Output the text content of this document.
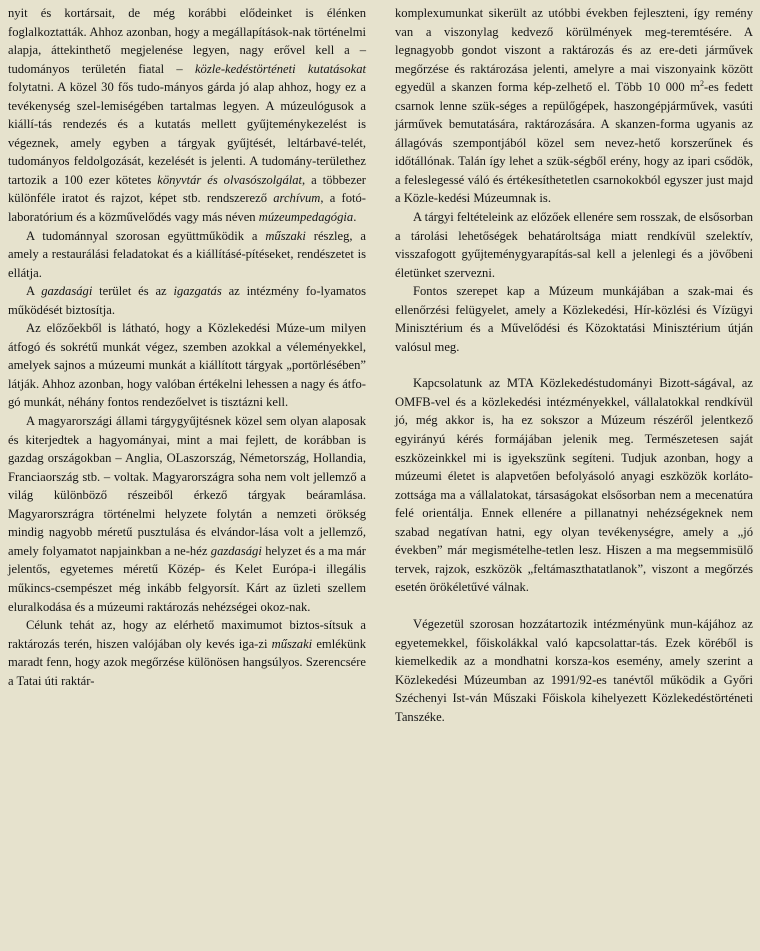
nyit és kortársait, de még korábbi elődeinket is élénken foglalkoztatták. Ahhoz azonban, hogy a megállapítások-nak történelmi alapja, áttekinthető megjelenése legyen, nagy erővel kell a – tudományos területén fiatal – közle-kedéstörténeti kutatásokat folytatni. A közel 30 fős tudo-mányos gárda jó alap ahhoz, hogy ez a tevékenység szel-lemiségében tartalmas legyen. A múzeulógusok a kiállí-tás rendezés és a kutatás mellett gyűjteménykezelést is végeznek, amely egyben a tárgyak gyűjtését, leltárbavé-telét, tudományos feldolgozását, kezelését is jelenti. A tudomány-területhez tartozik a 100 ezer kötetes könyvtár és olvasószolgálat, a többezer különféle iratot és rajzot, képet stb. rendszerező archívum, a fotó-laboratórium és a közművelődés vagy más néven múzeumpedagógia.

A tudománnyal szorosan együttműködik a műszaki részleg, a amely a restaurálási feladatokat és a kiállításé-pítéseket, rendészetet is ellátja.

A gazdasági terület és az igazgatás az intézmény fo-lyamatos működését biztosítja.

Az előzőekből is látható, hogy a Közlekedési Múze-um milyen átfogó és sokrétű munkát végez, szemben azokkal a véleményekkel, amelyek sajnos a múzeumi munkát a kiállított tárgyak „portörlésében” látják. Ahhoz azonban, hogy valóban értékelni lehessen a nagy és átfo-gó munkát, néhány fontos rendezőelvet is tisztázni kell.

A magyarországi állami tárgygyűjtésnek közel sem olyan alaposak és kiterjedtek a hagyományai, mint a mai fejlett, de korábban is gazdag országokban – Anglia, OLaszország, Németország, Hollandia, Franciaország stb. – voltak. Magyarországra soha nem volt jellemző a világ különböző részeiből érkező tárgyak beáramlása. Magyarorszrágra történelmi helyzete folytán a nemzeti örökség mindig nagyobb méretű pusztulása és elvándor-lása volt a jellemző, amely folyamatot napjainkban a ne-héz gazdasági helyzet és a ma már jelentős, egyetemes méretű Közép- és Kelet Európa-i illegális műkincs-csempészet még inkább felgyorsít. Kárt az üzleti szellem eluralkodása és a múzeumi raktározás nehézségei okoz-nak.

Célunk tehát az, hogy az elérhető maximumot biztos-sítsuk a raktározás terén, hiszen valójában oly kevés iga-zi műszaki emlékünk maradt fenn, hogy azok megőrzése különösen hangsúlyos. Szerencsére a Tatai úti raktár-

komplexumunkat sikerült az utóbbi években fejleszteni, így remény van a viszonylag kedvező körülmények meg-teremtésére. A legnagyobb gondot viszont a raktározás és az ere-deti járművek megőrzése és raktározása jelenti, amelyre a mai viszonyaink között egyedül a skanzen forma kép-zelhető el. Több 10 000 $m^2-es$ fedett csarnok lenne szük-séges a repülőgépek, haszongépjárművek, vasúti járművek bemutatására, raktározására. A skanzen-forma ugyanis az állagóvás szempontjából közel sem nevez-hető korszerűnek és időtállónak. Talán így lehet a szük-ségből erény, hogy az ipari csődök, a feleslegessé váló és értékesíthetetlen csarnokokból egyszer just majd a Közle-kedési Múzeumnak is.

A tárgyi feltételeink az előzőek ellenére sem rosszak, de elsősorban a tárolási lehetőségek behatároltsága miatt rendkívül szelektív, visszafogott gyűjteménygyarapítás-sal kell a jelenlegi és a jövőbeni életünket szervezni.

Fontos szerepet kap a Múzeum munkájában a szak-mai és ellenőrzési felügyelet, amely a Közlekedési, Hír-közlési és Vízügyi Minisztérium és a Művelődési és Közoktatási Minisztérium útján valósul meg.

Kapcsolatunk az MTA Közlekedéstudományi Bizott-ságával, az OMFB-vel és a közlekedési intézményekkel, vállalatokkal rendkívül jó, még akkor is, ha ez sokszor a Múzeum részéről jelentkező egyirányú kérés formájában jelenik meg. Természetesen saját eszközeinkkel mi is igyekszünk segíteni. Tudjuk azonban, hogy a múzeumi életet is alapvetően befolyásoló anyagi eszközök korláto-zottsága ma a vállalatokat, társaságokat elsősorban nem a mecenatúra felé orientálja. Ennek ellenére a pillanatnyi nehézségeknek nem szabad negatívan hatni, egy olyan tevékenységre, amely a „jó években” már megismételhe-tetlen lesz. Hiszen a ma megsemmisülő tervek, rajzok, eszközök „feltámaszthatatlanok”, viszont a megőrzés esetén örökéletűvé válnak.

Végezetül szorosan hozzátartozik intézményünk mun-kájához az egyetemekkel, főiskolákkal való kapcsolattar-tás. Ezek köréből is kiemelkedik az a mondhatni korsza-kos esemény, amely szerint a Közlekedési Múzeumban az 1991/92-es tanévtől működik a Győri Széchenyi Ist-ván Műszaki Főiskola kihelyezett Közlekedéstörténeti Tanszéke.
